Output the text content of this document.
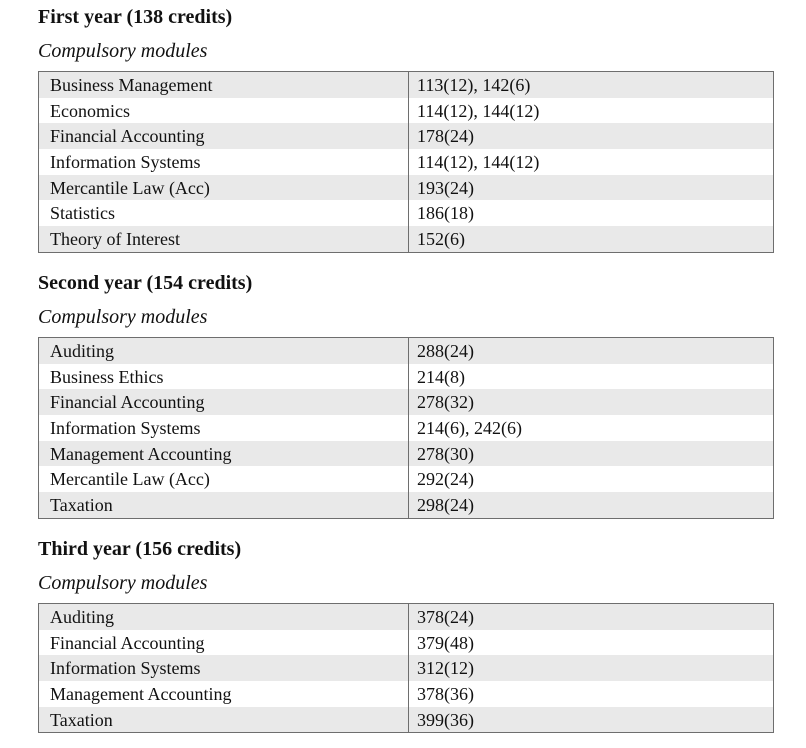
First year (138 credits)
Compulsory modules
Business Management	113(12), 142(6)
Economics	114(12), 144(12)
Financial Accounting	178(24)
Information Systems	114(12), 144(12)
Mercantile Law (Acc)	193(24)
Statistics	186(18)
Theory of Interest	152(6)
Second year (154 credits)
Compulsory modules
Auditing	288(24)
Business Ethics	214(8)
Financial Accounting	278(32)
Information Systems	214(6), 242(6)
Management Accounting	278(30)
Mercantile Law (Acc)	292(24)
Taxation	298(24)
Third year (156 credits)
Compulsory modules
Auditing	378(24)
Financial Accounting	379(48)
Information Systems	312(12)
Management Accounting	378(36)
Taxation	399(36)
